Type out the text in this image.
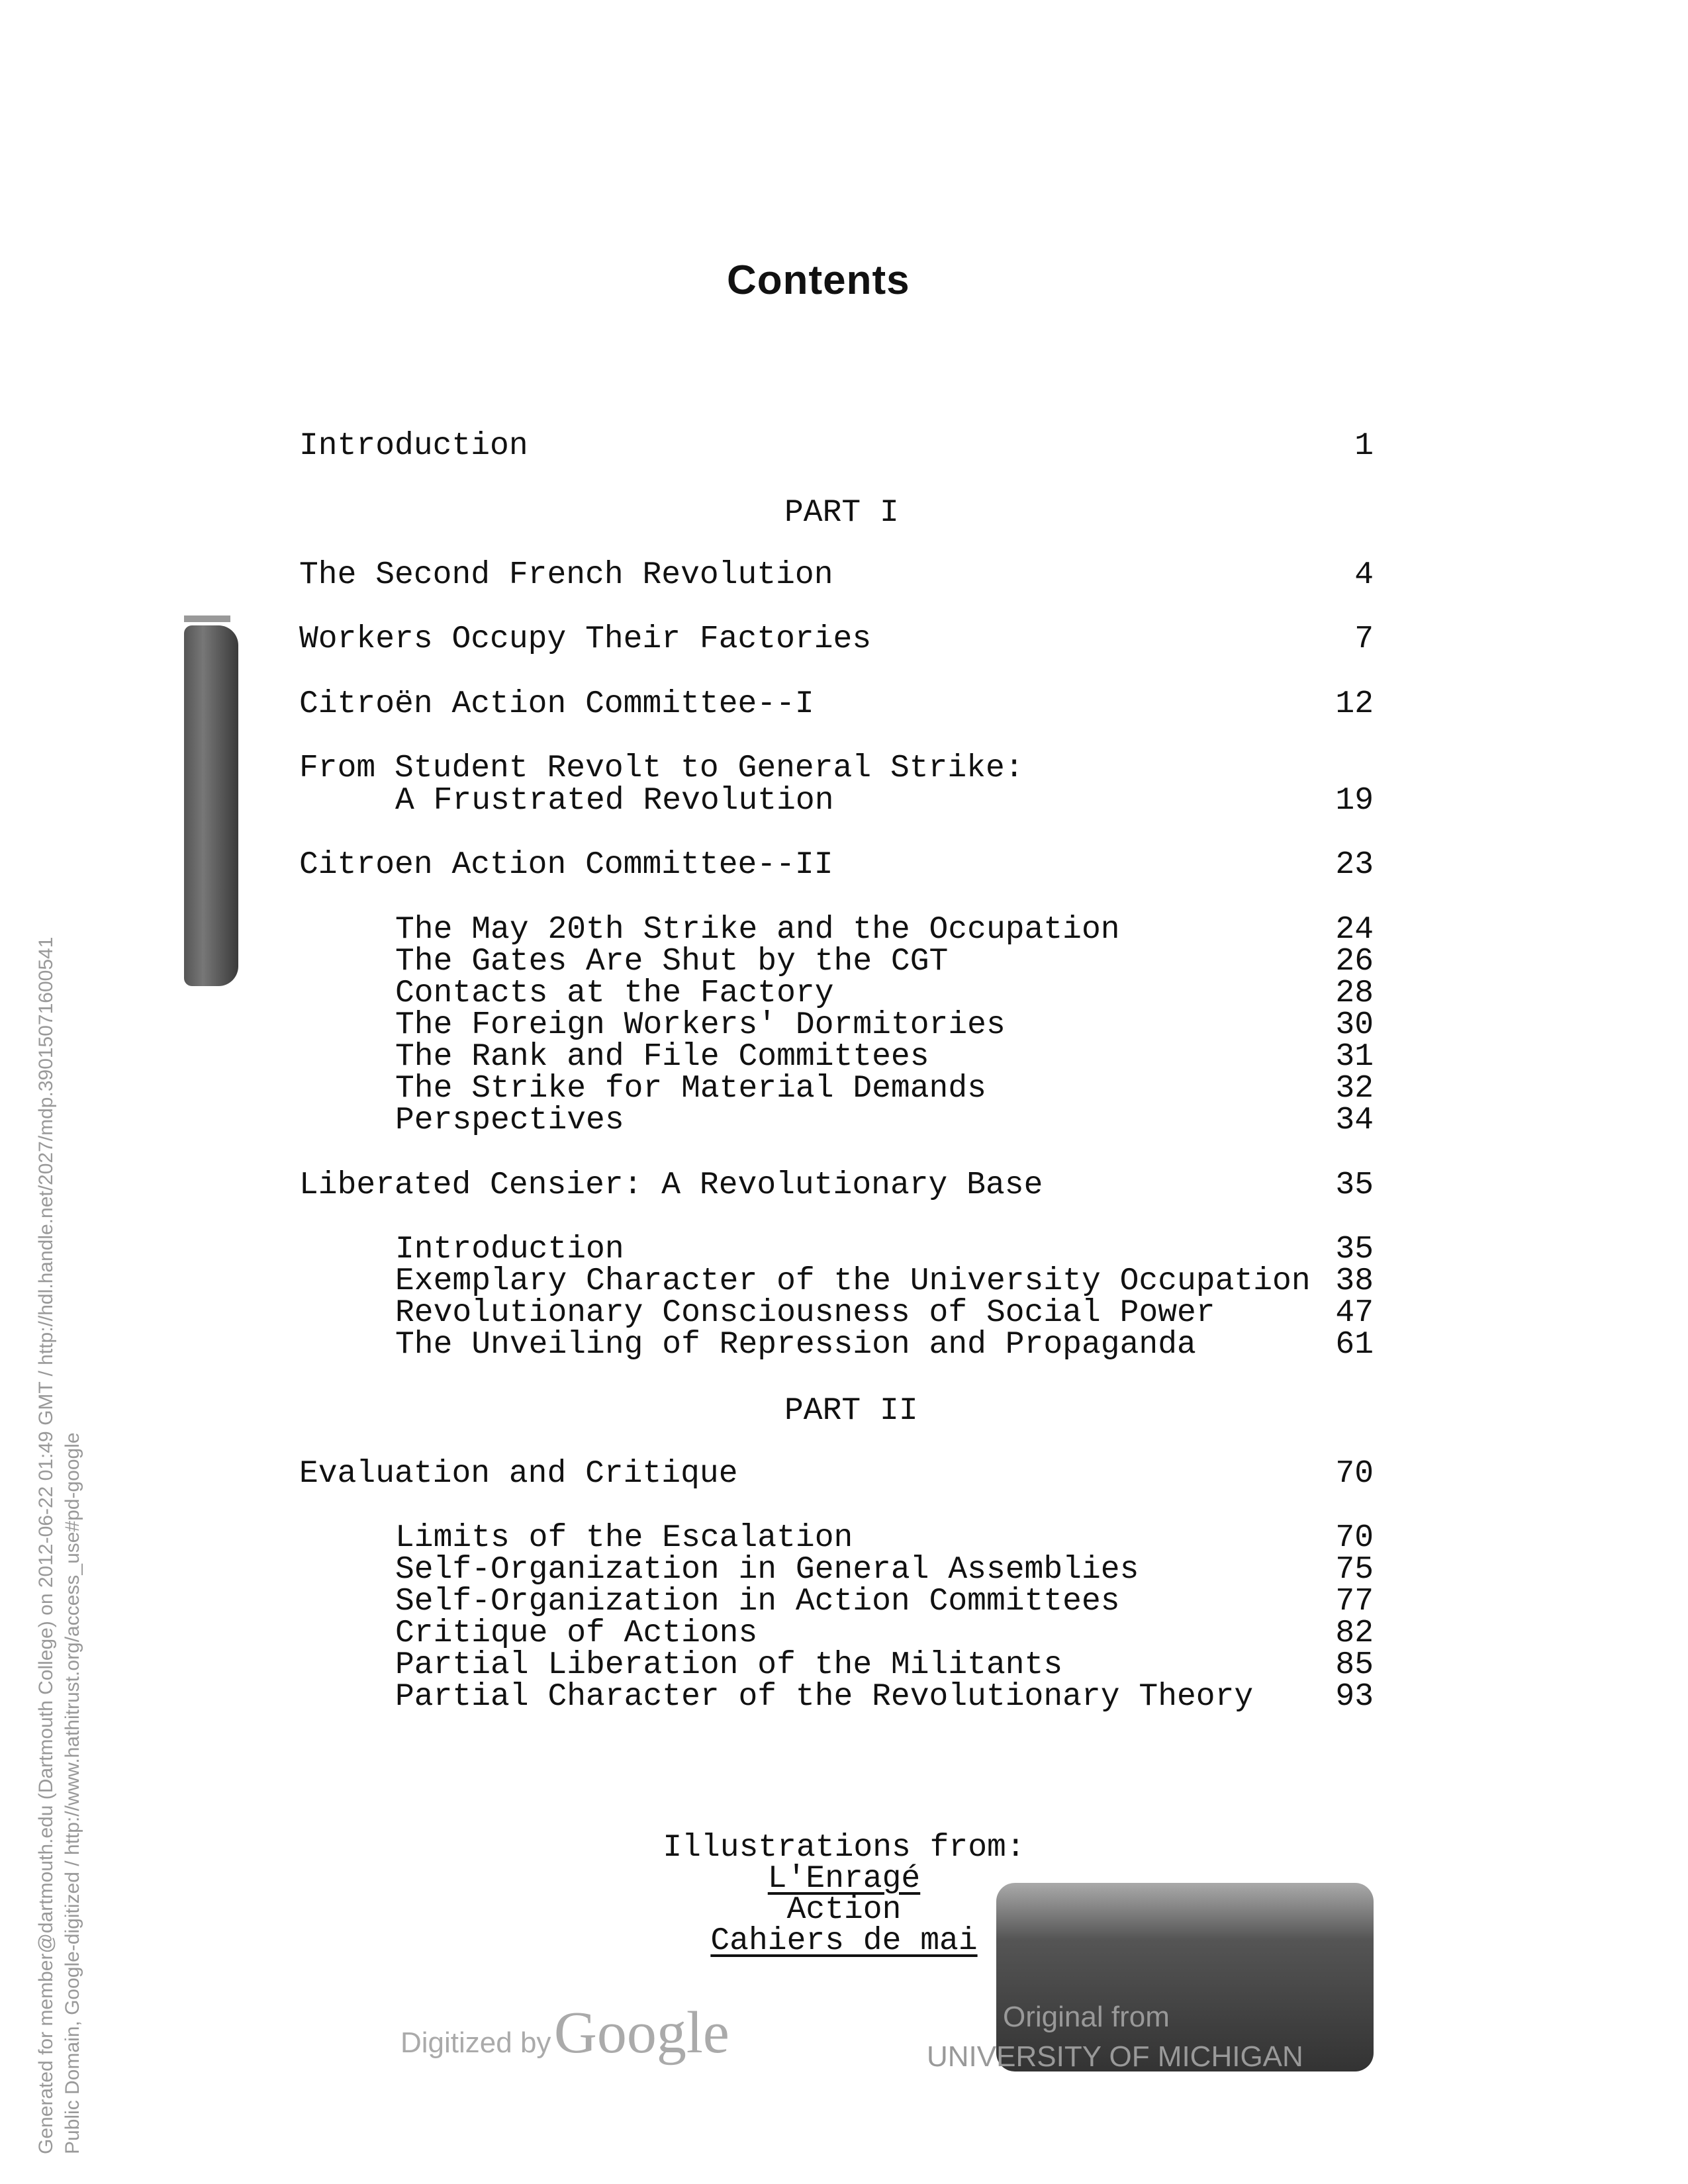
Contents
Introduction	1
PART I
The Second French Revolution	4
Workers Occupy Their Factories	7
Citroën Action Committee--I	12
From Student Revolt to General Strike:
A Frustrated Revolution	19
Citroen Action Committee--II	23
The May 20th Strike and the Occupation	24
The Gates Are Shut by the CGT	26
Contacts at the Factory	28
The Foreign Workers' Dormitories	30
The Rank and File Committees	31
The Strike for Material Demands	32
Perspectives	34
Liberated Censier: A Revolutionary Base	35
Introduction	35
Exemplary Character of the University Occupation 38
Revolutionary Consciousness of Social Power	47
The Unveiling of Repression and Propaganda	61
PART II
Evaluation and Critique	70
Limits of the Escalation	70
Self-Organization in General Assemblies	75
Self-Organization in Action Committees	77
Critique of Actions	82
Partial Liberation of the Militants	85
Partial Character of the Revolutionary Theory	93
Illustrations from:
L'Enragé
Action
Cahiers de mai
Digitized by Google	Original from
UNIVERSITY OF MICHIGAN
Generated for member@dartmouth.edu (Dartmouth College) on 2012-06-22 01:49 GMT / http://hdl.handle.net/2027/mdp.39015071600541 Public Domain, Google-digitized / http://www.hathitrust.org/access_use#pd-google
